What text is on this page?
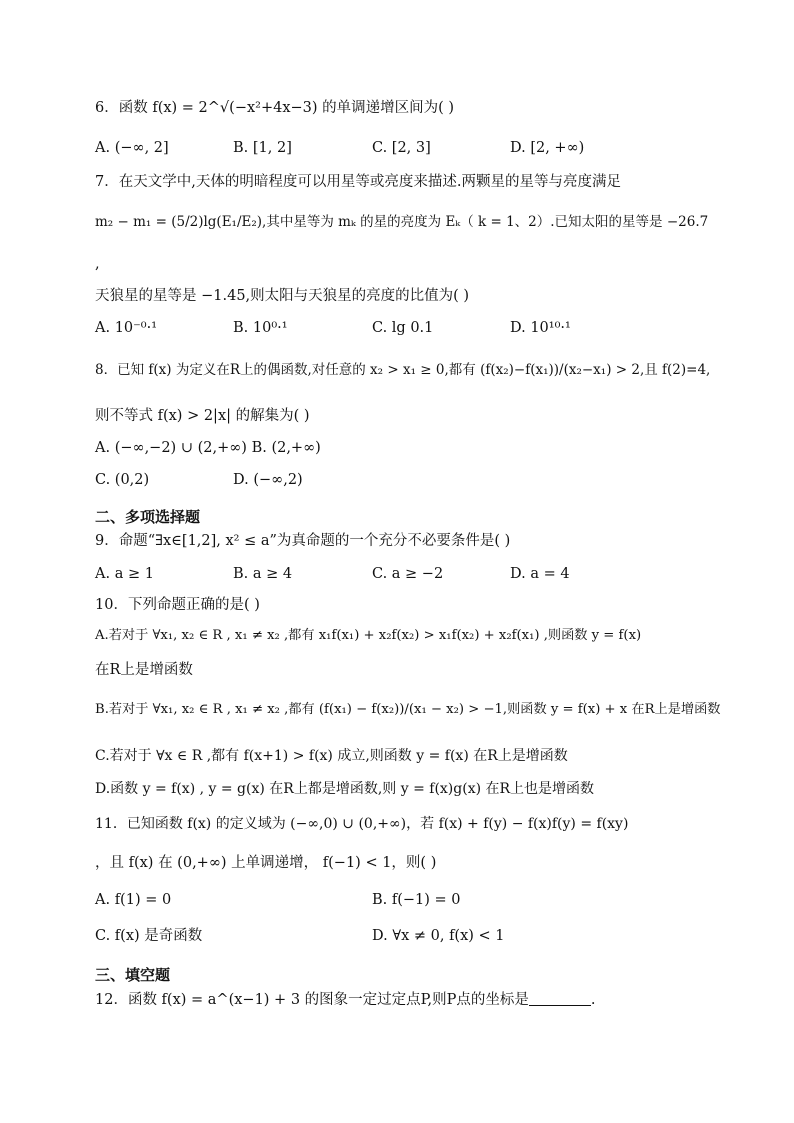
6．函数 f(x) = 2^√(−x²+4x−3) 的单调递增区间为( )
A. (−∞, 2]	B. [1, 2]	C. [2, 3]	D. [2, +∞)
7．在天文学中,天体的明暗程度可以用星等或亮度来描述.两颗星的星等与亮度满足
m₂ − m₁ = (5/2)lg(E₁/E₂),其中星等为 mₖ 的星的亮度为 Eₖ（ k = 1、2）.已知太阳的星等是 −26.7
,
天狼星的星等是 −1.45,则太阳与天狼星的亮度的比值为( )
A. 10⁻⁰·¹	B. 10⁰·¹	C. lg 0.1	D. 10¹⁰·¹
8．已知 f(x) 为定义在R上的偶函数,对任意的 x₂ > x₁ ≥ 0,都有 (f(x₂)−f(x₁))/(x₂−x₁) > 2,且 f(2)=4,
则不等式 f(x) > 2|x| 的解集为( )
A. (−∞,−2) ∪ (2,+∞) B. (2,+∞)
C. (0,2)	D. (−∞,2)
二、多项选择题
9．命题“∃x∈[1,2], x² ≤ a”为真命题的一个充分不必要条件是( )
A. a ≥ 1	B. a ≥ 4	C. a ≥ −2	D. a = 4
10．下列命题正确的是( )
A.若对于 ∀x₁, x₂ ∈ R , x₁ ≠ x₂ ,都有 x₁f(x₁) + x₂f(x₂) > x₁f(x₂) + x₂f(x₁) ,则函数 y = f(x)
在R上是增函数
B.若对于 ∀x₁, x₂ ∈ R , x₁ ≠ x₂ ,都有 (f(x₁) − f(x₂))/(x₁ − x₂) > −1,则函数 y = f(x) + x 在R上是增函数
C.若对于 ∀x ∈ R ,都有 f(x+1) > f(x) 成立,则函数 y = f(x) 在R上是增函数
D.函数 y = f(x) , y = g(x) 在R上都是增函数,则 y = f(x)g(x) 在R上也是增函数
11．已知函数 f(x) 的定义域为 (−∞,0) ∪ (0,+∞)，若 f(x) + f(y) − f(x)f(y) = f(xy)
，且 f(x) 在 (0,+∞) 上单调递增， f(−1) < 1，则( )
A. f(1) = 0	B. f(−1) = 0
C. f(x) 是奇函数	D. ∀x ≠ 0, f(x) < 1
三、填空题
12．函数 f(x) = a^(x−1) + 3 的图象一定过定点P,则P点的坐标是	.
